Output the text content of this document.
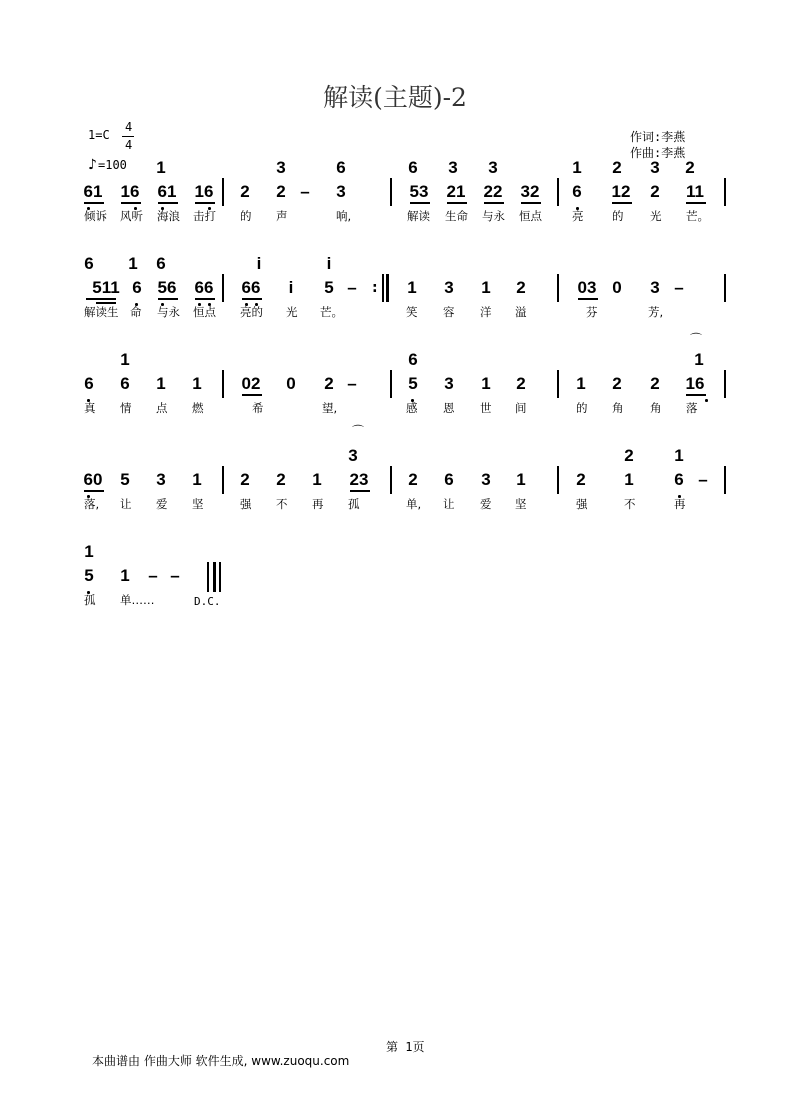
解读(主题)-2
1=C
4
4
♪ =100
作词:李燕
作曲:李燕
1	3	6	6	3	3	1	2	3	2
61	16	61	16	2	2 –	3	53	21	22	32	6	12	2	11
倾诉 风听 海浪 击打 的 声	响,	解读 生命 与永 恒点	亮 的 光 芒。
6	1	6	i	i
511 6 56	66	66	i	5 –	1	3	1	2	03 0	3 –
:
解读生 命 与永 恒点 亮的 光 芒。	笑 容 洋 溢	芬	芳,
1	6	1
⌒
6	6	1	1	02	0	2 –	5	3	1	2	1	2	2	16
真 情 点 燃	希	望,	感 恩 世 间	的 角 角 落
⌒
3	2	1
60	5	3	1	2	2	1	23	2	6	3	1	2	1	6 –
落, 让 爱 坚	强 不 再 孤	单, 让 爱 坚	强	不	再
1
5	1	– –
孤 单……	D.C.
第 1页
本曲谱由 作曲大师 软件生成, www.zuoqu.com
